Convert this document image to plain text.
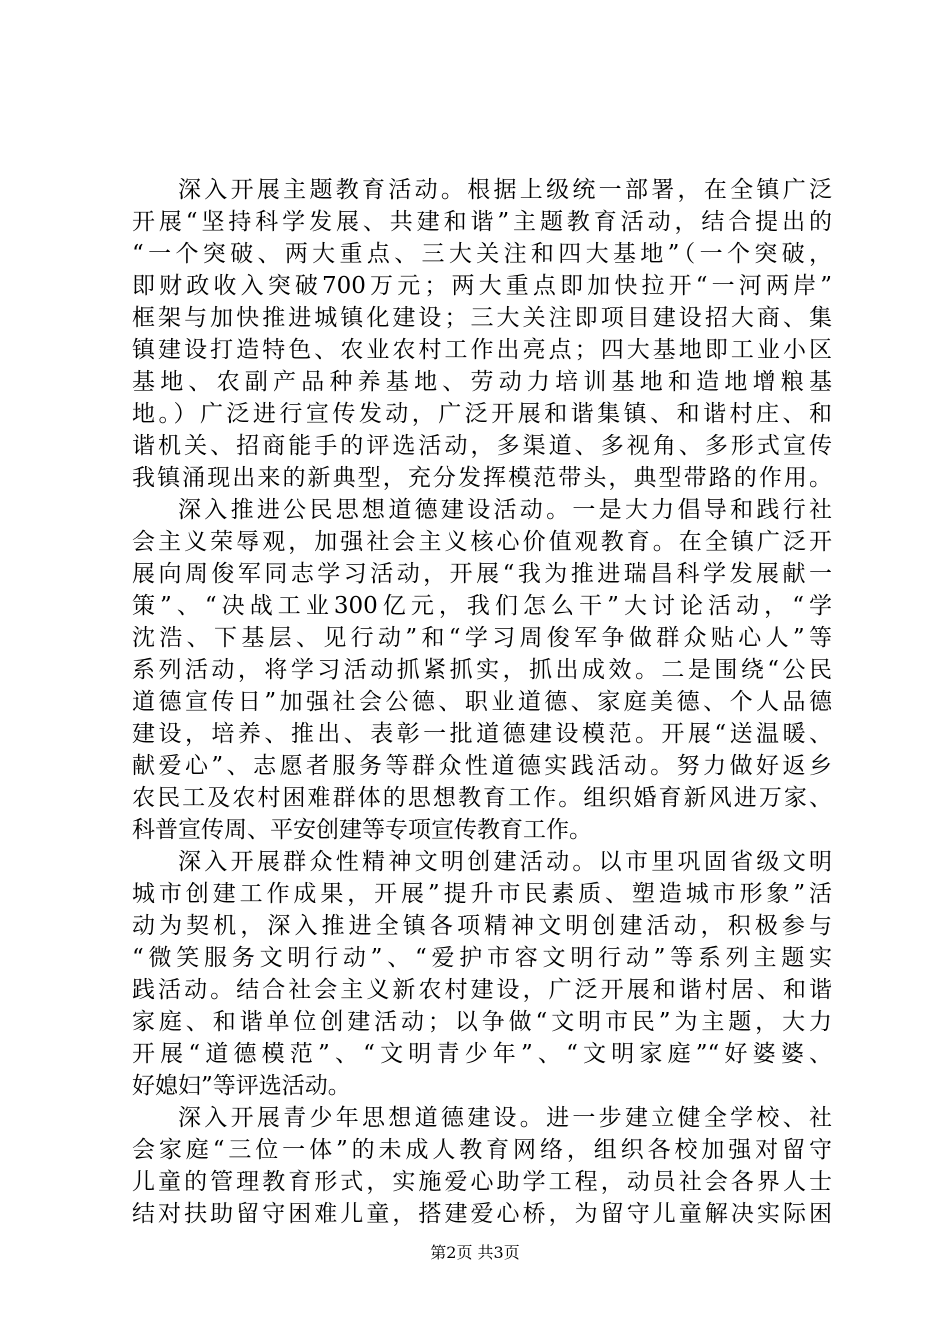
深入开展主题教育活动。根据上级统一部署，在全镇广泛
开展“坚持科学发展、共建和谐”主题教育活动，结合提出的
“一个突破、两大重点、三大关注和四大基地”（一个突破，
即财政收入突破700万元；两大重点即加快拉开“一河两岸”
框架与加快推进城镇化建设；三大关注即项目建设招大商、集
镇建设打造特色、农业农村工作出亮点；四大基地即工业小区
基地、农副产品种养基地、劳动力培训基地和造地增粮基
地。）广泛进行宣传发动，广泛开展和谐集镇、和谐村庄、和
谐机关、招商能手的评选活动，多渠道、多视角、多形式宣传
我镇涌现出来的新典型，充分发挥模范带头，典型带路的作用。
深入推进公民思想道德建设活动。一是大力倡导和践行社
会主义荣辱观，加强社会主义核心价值观教育。在全镇广泛开
展向周俊军同志学习活动，开展“我为推进瑞昌科学发展献一
策”、“决战工业300亿元，我们怎么干”大讨论活动，“学
沈浩、下基层、见行动”和“学习周俊军争做群众贴心人”等
系列活动，将学习活动抓紧抓实，抓出成效。二是围绕“公民
道德宣传日”加强社会公德、职业道德、家庭美德、个人品德
建设，培养、推出、表彰一批道德建设模范。开展“送温暖、
献爱心”、志愿者服务等群众性道德实践活动。努力做好返乡
农民工及农村困难群体的思想教育工作。组织婚育新风进万家、
科普宣传周、平安创建等专项宣传教育工作。
深入开展群众性精神文明创建活动。以市里巩固省级文明
城市创建工作成果，开展”提升市民素质、塑造城市形象”活
动为契机，深入推进全镇各项精神文明创建活动，积极参与
“微笑服务文明行动”、“爱护市容文明行动”等系列主题实
践活动。结合社会主义新农村建设，广泛开展和谐村居、和谐
家庭、和谐单位创建活动；以争做“文明市民”为主题，大力
开展“道德模范”、“文明青少年”、“文明家庭”“好婆婆、
好媳妇”等评选活动。
深入开展青少年思想道德建设。进一步建立健全学校、社
会家庭“三位一体”的未成人教育网络，组织各校加强对留守
儿童的管理教育形式，实施爱心助学工程，动员社会各界人士
结对扶助留守困难儿童，搭建爱心桥，为留守儿童解决实际困
第2页 共3页
